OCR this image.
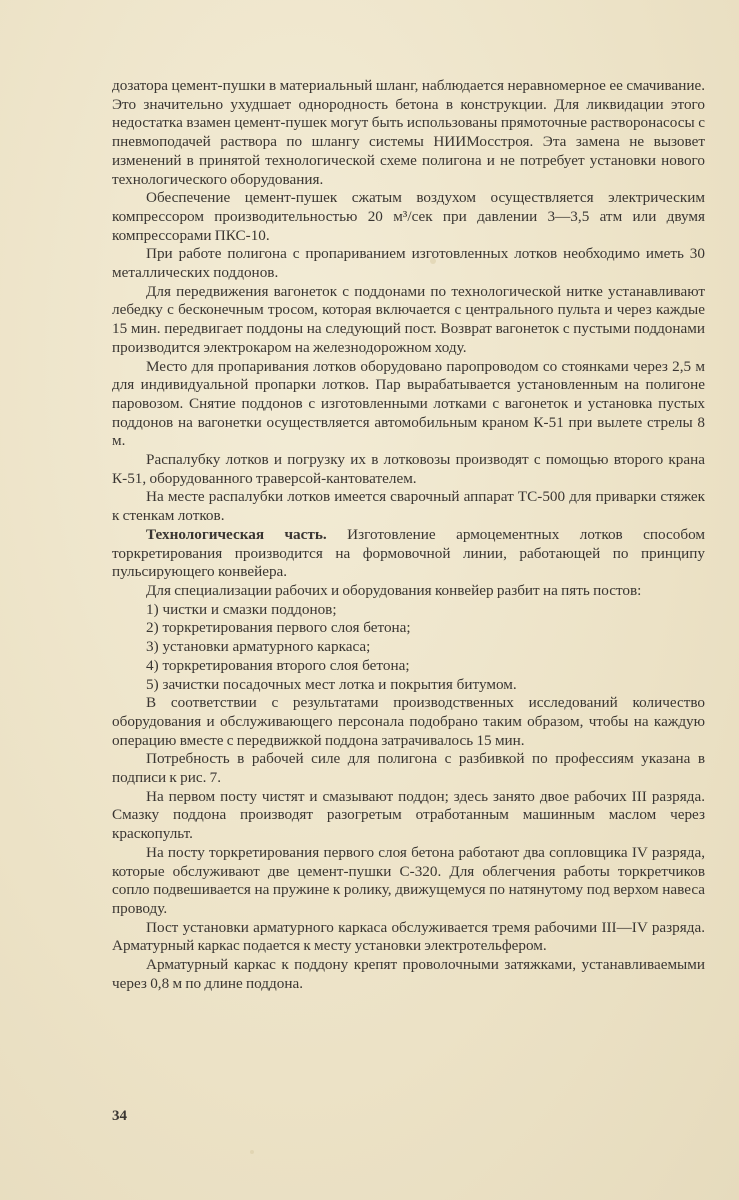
дозатора цемент-пушки в материальный шланг, наблюдается неравномерное ее смачивание. Это значительно ухудшает однородность бетона в конструкции. Для ликвидации этого недостатка взамен цемент-пушек могут быть использованы прямоточные растворонасосы с пневмоподачей раствора по шлангу системы НИИМосстроя. Эта замена не вызовет изменений в принятой технологической схеме полигона и не потребует установки нового технологического оборудования.

Обеспечение цемент-пушек сжатым воздухом осуществляется электрическим компрессором производительностью 20 м³/сек при давлении 3—3,5 атм или двумя компрессорами ПКС-10.

При работе полигона с пропариванием изготовленных лотков необходимо иметь 30 металлических поддонов.

Для передвижения вагонеток с поддонами по технологической нитке устанавливают лебедку с бесконечным тросом, которая включается с центрального пульта и через каждые 15 мин. передвигает поддоны на следующий пост. Возврат вагонеток с пустыми поддонами производится электрокаром на железнодорожном ходу.

Место для пропаривания лотков оборудовано паропроводом со стоянками через 2,5 м для индивидуальной пропарки лотков. Пар вырабатывается установленным на полигоне паровозом. Снятие поддонов с изготовленными лотками с вагонеток и установка пустых поддонов на вагонетки осуществляется автомобильным краном К-51 при вылете стрелы 8 м.

Распалубку лотков и погрузку их в лотковозы производят с помощью второго крана К-51, оборудованного траверсой-кантователем.

На месте распалубки лотков имеется сварочный аппарат ТС-500 для приварки стяжек к стенкам лотков.

Технологическая часть. Изготовление армоцементных лотков способом торкретирования производится на формовочной линии, работающей по принципу пульсирующего конвейера.

Для специализации рабочих и оборудования конвейер разбит на пять постов:

1) чистки и смазки поддонов;
2) торкретирования первого слоя бетона;
3) установки арматурного каркаса;
4) торкретирования второго слоя бетона;
5) зачистки посадочных мест лотка и покрытия битумом.

В соответствии с результатами производственных исследований количество оборудования и обслуживающего персонала подобрано таким образом, чтобы на каждую операцию вместе с передвижкой поддона затрачивалось 15 мин.

Потребность в рабочей силе для полигона с разбивкой по профессиям указана в подписи к рис. 7.

На первом посту чистят и смазывают поддон; здесь занято двое рабочих III разряда. Смазку поддона производят разогретым отработанным машинным маслом через краскопульт.

На посту торкретирования первого слоя бетона работают два сопловщика IV разряда, которые обслуживают две цемент-пушки С-320. Для облегчения работы торкретчиков сопло подвешивается на пружине к ролику, движущемуся по натянутому под верхом навеса проводу.

Пост установки арматурного каркаса обслуживается тремя рабочими III—IV разряда. Арматурный каркас подается к месту установки электротельфером.

Арматурный каркас к поддону крепят проволочными затяжками, устанавливаемыми через 0,8 м по длине поддона.

34
